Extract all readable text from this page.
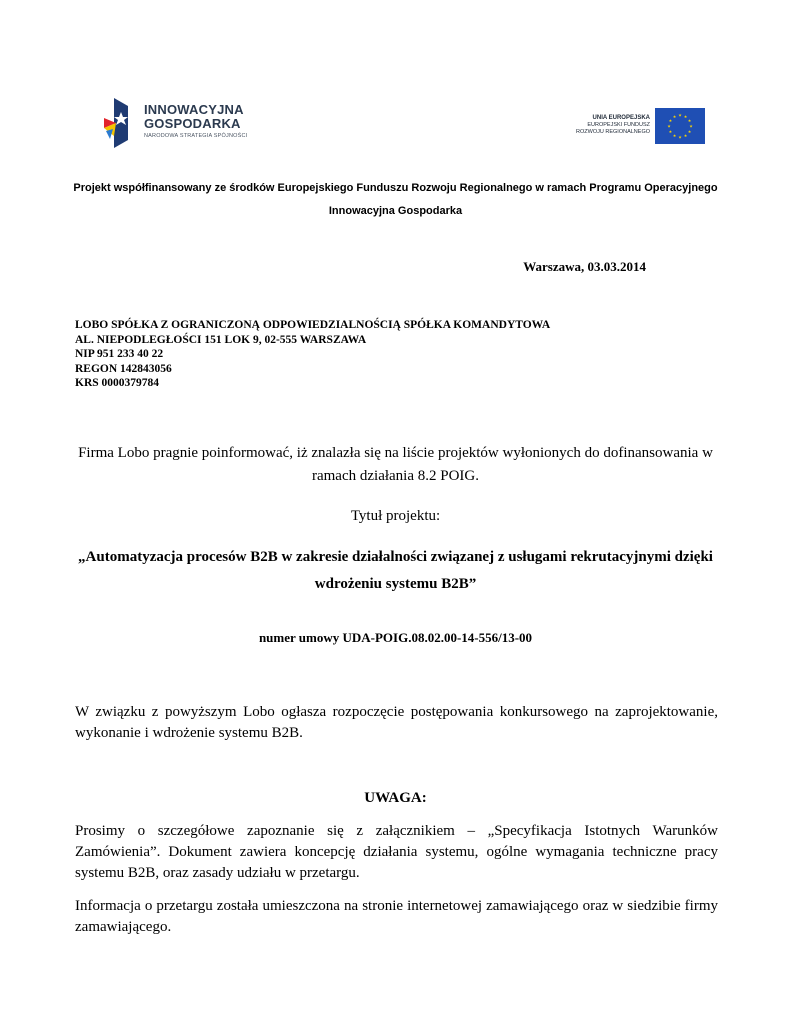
INNOWACYJNA
GOSPODARKA
NARODOWA STRATEGIA SPÓJNOŚCI
UNIA EUROPEJSKA
EUROPEJSKI FUNDUSZ
ROZWOJU REGIONALNEGO
★ ★
★
★
★
★
★
★
★
★
★
★
Projekt współfinansowany ze środków Europejskiego Funduszu Rozwoju Regionalnego w ramach Programu Operacyjnego Innowacyjna Gospodarka
Warszawa, 03.03.2014
LOBO SPÓŁKA Z OGRANICZONĄ ODPOWIEDZIALNOŚCIĄ SPÓŁKA KOMANDYTOWA
AL. NIEPODLEGŁOŚCI 151 LOK 9, 02-555 WARSZAWA
NIP 951 233 40 22
REGON 142843056
KRS 0000379784
Firma Lobo pragnie poinformować, iż znalazła się na liście projektów wyłonionych do dofinansowania w ramach działania 8.2 POIG.
Tytuł projektu:
„Automatyzacja procesów B2B w zakresie działalności związanej z usługami rekrutacyjnymi dzięki wdrożeniu systemu B2B”
numer umowy UDA-POIG.08.02.00-14-556/13-00
W związku z powyższym Lobo ogłasza rozpoczęcie postępowania konkursowego na zaprojektowanie, wykonanie i wdrożenie systemu B2B.
UWAGA:
Prosimy o szczegółowe zapoznanie się z załącznikiem – „Specyfikacja Istotnych Warunków Zamówienia”. Dokument zawiera koncepcję działania systemu, ogólne wymagania techniczne pracy systemu B2B, oraz zasady udziału w przetargu.
Informacja o przetargu została umieszczona na stronie internetowej zamawiającego oraz w siedzibie firmy zamawiającego.
